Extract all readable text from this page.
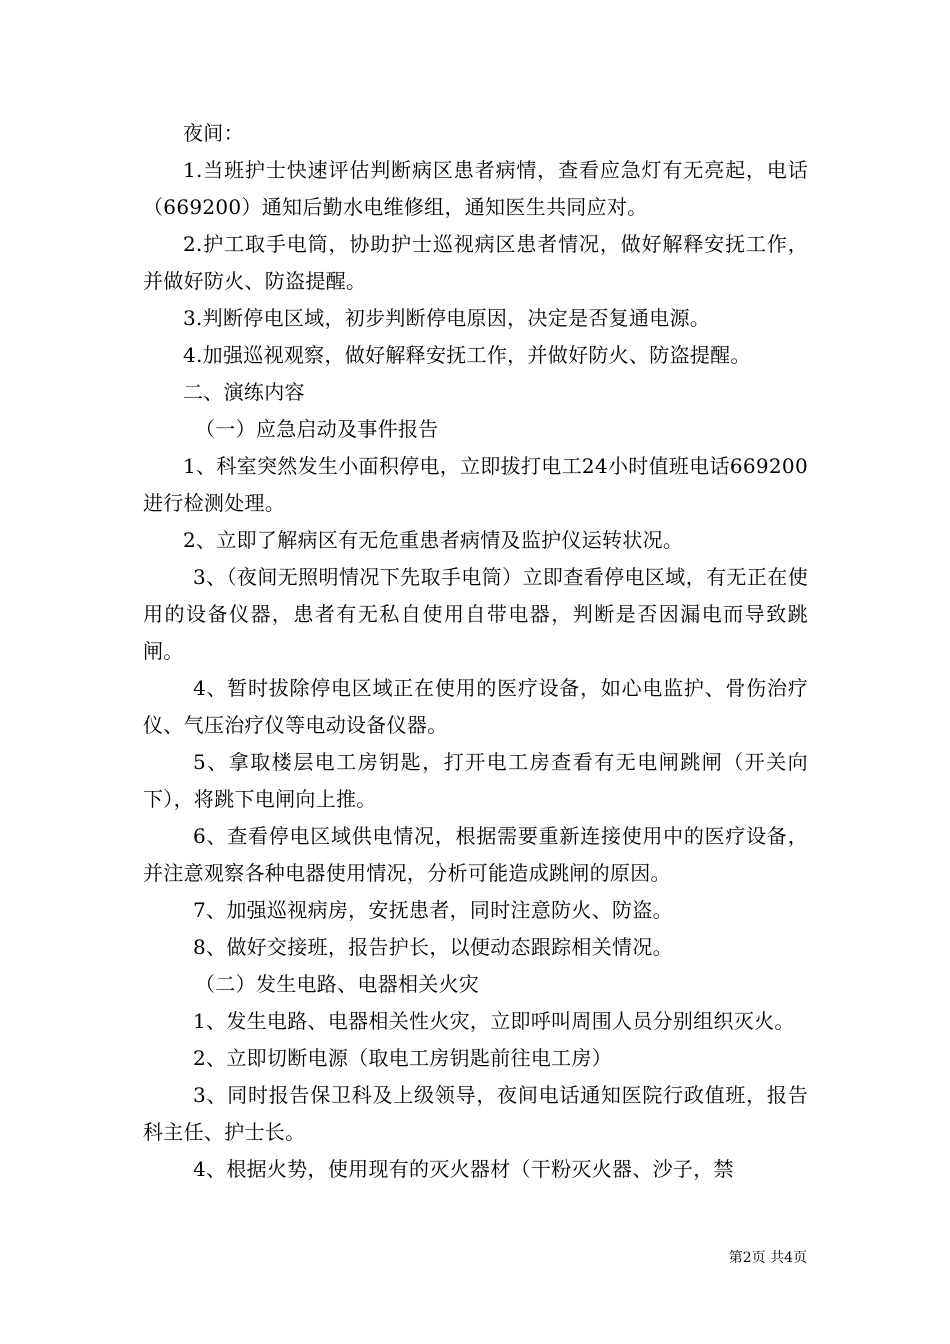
夜间：

1.当班护士快速评估判断病区患者病情，查看应急灯有无亮起，电话（669200）通知后勤水电维修组，通知医生共同应对。

2.护工取手电筒，协助护士巡视病区患者情况，做好解释安抚工作，并做好防火、防盗提醒。

3.判断停电区域，初步判断停电原因，决定是否复通电源。

4.加强巡视观察，做好解释安抚工作，并做好防火、防盗提醒。

二、演练内容

（一）应急启动及事件报告

1、科室突然发生小面积停电，立即拔打电工24小时值班电话669200进行检测处理。

2、立即了解病区有无危重患者病情及监护仪运转状况。

3、（夜间无照明情况下先取手电筒）立即查看停电区域，有无正在使用的设备仪器，患者有无私自使用自带电器，判断是否因漏电而导致跳闸。

4、暂时拔除停电区域正在使用的医疗设备，如心电监护、骨伤治疗仪、气压治疗仪等电动设备仪器。

5、拿取楼层电工房钥匙，打开电工房查看有无电闸跳闸（开关向下），将跳下电闸向上推。

6、查看停电区域供电情况，根据需要重新连接使用中的医疗设备，并注意观察各种电器使用情况，分析可能造成跳闸的原因。

7、加强巡视病房，安抚患者，同时注意防火、防盗。

8、做好交接班，报告护长，以便动态跟踪相关情况。

（二）发生电路、电器相关火灾

1、发生电路、电器相关性火灾，立即呼叫周围人员分别组织灭火。

2、立即切断电源（取电工房钥匙前往电工房）

3、同时报告保卫科及上级领导，夜间电话通知医院行政值班，报告科主任、护士长。

4、根据火势，使用现有的灭火器材（干粉灭火器、沙子，禁

第2页 共4页
